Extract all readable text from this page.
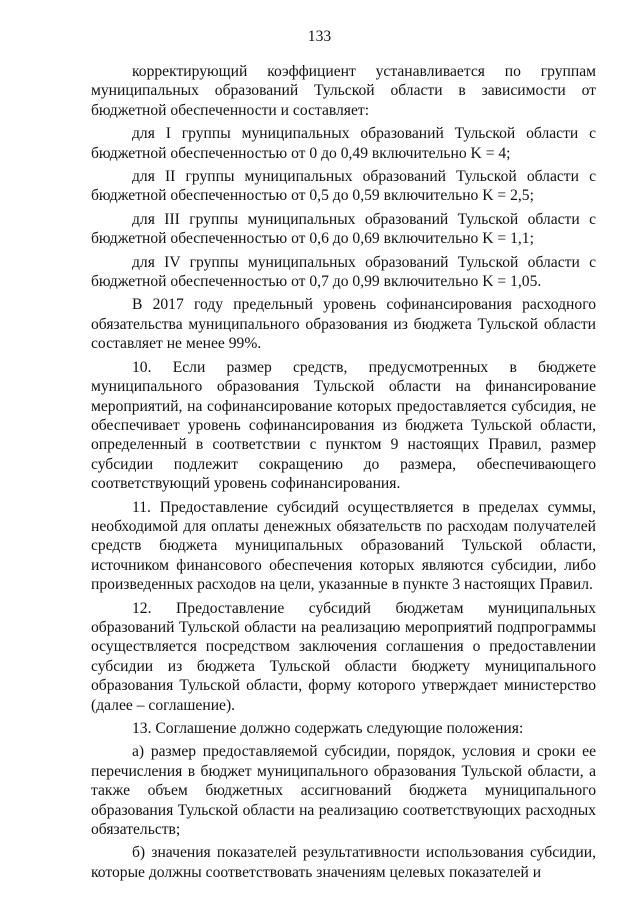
133

корректирующий коэффициент устанавливается по группам муниципальных образований Тульской области в зависимости от бюджетной обеспеченности и составляет:

для I группы муниципальных образований Тульской области с бюджетной обеспеченностью от 0 до 0,49 включительно K = 4;

для II группы муниципальных образований Тульской области с бюджетной обеспеченностью от 0,5 до 0,59 включительно K = 2,5;

для III группы муниципальных образований Тульской области с бюджетной обеспеченностью от 0,6 до 0,69 включительно K = 1,1;

для IV группы муниципальных образований Тульской области с бюджетной обеспеченностью от 0,7 до 0,99 включительно K = 1,05.

В 2017 году предельный уровень софинансирования расходного обязательства муниципального образования из бюджета Тульской области составляет не менее 99%.

10. Если размер средств, предусмотренных в бюджете муниципального образования Тульской области на финансирование мероприятий, на софинансирование которых предоставляется субсидия, не обеспечивает уровень софинансирования из бюджета Тульской области, определенный в соответствии с пунктом 9 настоящих Правил, размер субсидии подлежит сокращению до размера, обеспечивающего соответствующий уровень софинансирования.

11. Предоставление субсидий осуществляется в пределах суммы, необходимой для оплаты денежных обязательств по расходам получателей средств бюджета муниципальных образований Тульской области, источником финансового обеспечения которых являются субсидии, либо произведенных расходов на цели, указанные в пункте 3 настоящих Правил.

12. Предоставление субсидий бюджетам муниципальных образований Тульской области на реализацию мероприятий подпрограммы осуществляется посредством заключения соглашения о предоставлении субсидии из бюджета Тульской области бюджету муниципального образования Тульской области, форму которого утверждает министерство (далее – соглашение).

13. Соглашение должно содержать следующие положения:

а) размер предоставляемой субсидии, порядок, условия и сроки ее перечисления в бюджет муниципального образования Тульской области, а также объем бюджетных ассигнований бюджета муниципального образования Тульской области на реализацию соответствующих расходных обязательств;

б) значения показателей результативности использования субсидии, которые должны соответствовать значениям целевых показателей и
